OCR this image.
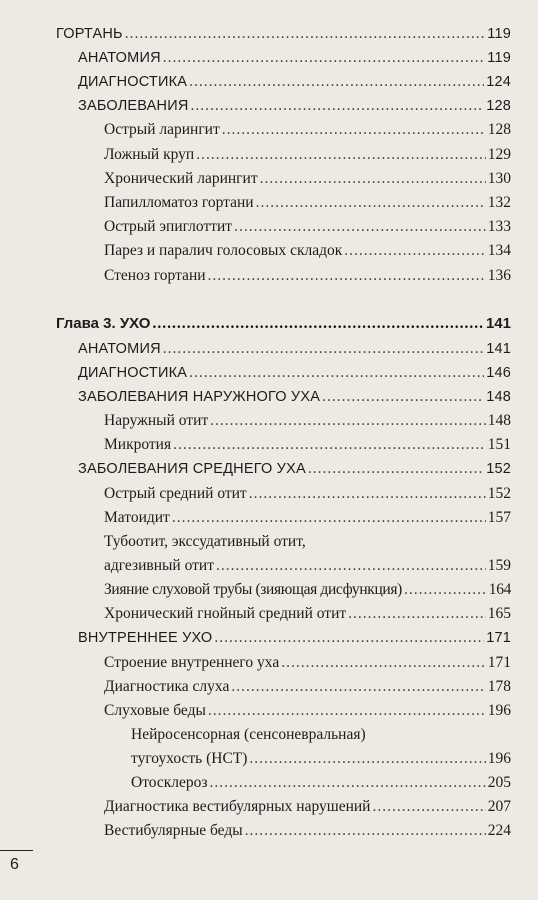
ГОРТАНЬ .....	119
АНАТОМИЯ .....	119
ДИАГНОСТИКА .....	124
ЗАБОЛЕВАНИЯ .....	128
Острый ларингит .....	128
Ложный круп .....	129
Хронический ларингит .....	130
Папилломатоз гортани .....	132
Острый эпиглоттит .....	133
Парез и паралич голосовых складок .....	134
Стеноз гортани .....	136
Глава 3. УХО .....	141
АНАТОМИЯ .....	141
ДИАГНОСТИКА .....	146
ЗАБОЛЕВАНИЯ НАРУЖНОГО УХА .....	148
Наружный отит .....	148
Микротия .....	151
ЗАБОЛЕВАНИЯ СРЕДНЕГО УХА .....	152
Острый средний отит .....	152
Матоидит .....	157
Тубоотит, экссудативный отит,
адгезивный отит .....	159
Зияние слуховой трубы (зияющая дисфункция) .....	164
Хронический гнойный средний отит .....	165
ВНУТРЕННЕЕ УХО .....	171
Строение внутреннего уха .....	171
Диагностика слуха .....	178
Слуховые беды .....	196
Нейросенсорная (сенсоневральная)
тугоухость (НСТ) .....	196
Отосклероз .....	205
Диагностика вестибулярных нарушений .....	207
Вестибулярные беды .....	224
6
